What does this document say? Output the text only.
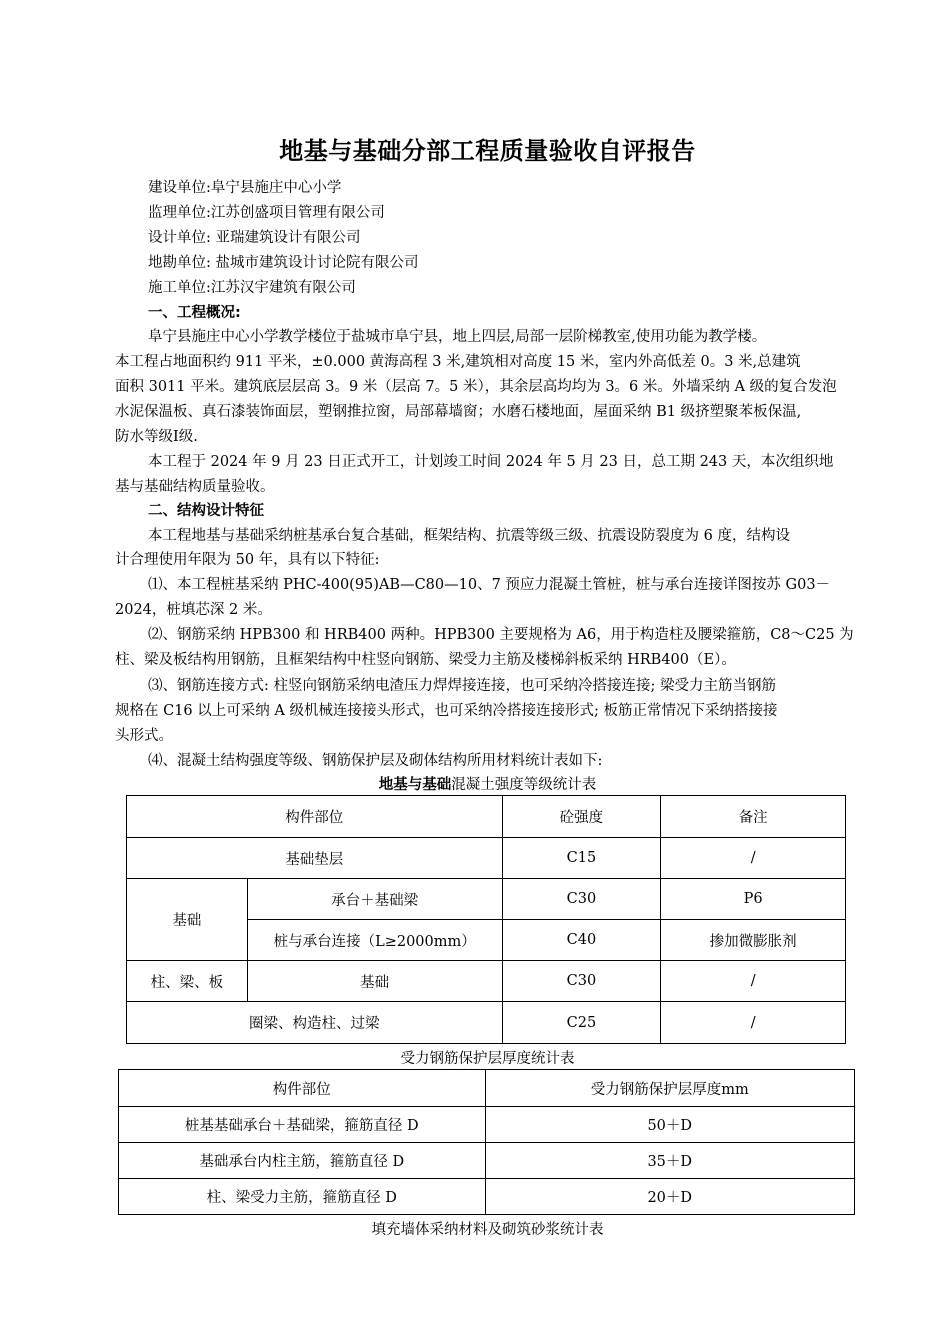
地基与基础分部工程质量验收自评报告
建设单位:阜宁县施庄中心小学
监理单位:江苏创盛项目管理有限公司
设计单位: 亚瑞建筑设计有限公司
地勘单位: 盐城市建筑设计讨论院有限公司
施工单位:江苏汉宇建筑有限公司
一、工程概况:
阜宁县施庄中心小学教学楼位于盐城市阜宁县，地上四层,局部一层阶梯教室,使用功能为教学楼。
本工程占地面积约 911 平米，±0.000 黄海高程 3 米,建筑相对高度 15 米，室内外高低差 0。3 米,总建筑
面积 3011 平米。建筑底层层高 3。9 米（层高 7。5 米），其余层高均均为 3。6 米。外墙采纳 A 级的复合发泡
水泥保温板、真石漆装饰面层，塑钢推拉窗，局部幕墙窗；水磨石楼地面，屋面采纳 B1 级挤塑聚苯板保温,
防水等级Ⅰ级.
本工程于 2024 年 9 月 23 日正式开工，计划竣工时间 2024 年 5 月 23 日，总工期 243 天，本次组织地
基与基础结构质量验收。
二、结构设计特征
本工程地基与基础采纳桩基承台复合基础，框架结构、抗震等级三级、抗震设防裂度为 6 度，结构设
计合理使用年限为 50 年，具有以下特征:
⑴、本工程桩基采纳 PHC-400(95)AB—C80—10、7 预应力混凝土管桩，桩与承台连接详图按苏 G03－
2024，桩填芯深 2 米。
⑵、钢筋采纳 HPB300 和 HRB400 两种。HPB300 主要规格为 A6，用于构造柱及腰梁箍筋，C8～C25 为
柱、梁及板结构用钢筋，且框架结构中柱竖向钢筋、梁受力主筋及楼梯斜板采纳 HRB400（E）。
⑶、钢筋连接方式: 柱竖向钢筋采纳电渣压力焊焊接连接，也可采纳冷搭接连接; 梁受力主筋当钢筋
规格在 C16 以上可采纳 A 级机械连接接头形式，也可采纳冷搭接连接形式; 板筋正常情况下采纳搭接接
头形式。
⑷、混凝土结构强度等级、钢筋保护层及砌体结构所用材料统计表如下:
地基与基础混凝土强度等级统计表
构件部位		砼强度	备注
基础垫层		C15	/
基础	承台＋基础梁	C30	P6
	桩与承台连接（L≥2000mm）	C40	掺加微膨胀剂
柱、梁、板	基础	C30	/
圈梁、构造柱、过梁		C25	/
受力钢筋保护层厚度统计表
构件部位	受力钢筋保护层厚度mm
桩基基础承台＋基础梁，箍筋直径 D	50＋D
基础承台内柱主筋，箍筋直径 D	35＋D
柱、梁受力主筋，箍筋直径 D	20＋D
填充墙体采纳材料及砌筑砂浆统计表
